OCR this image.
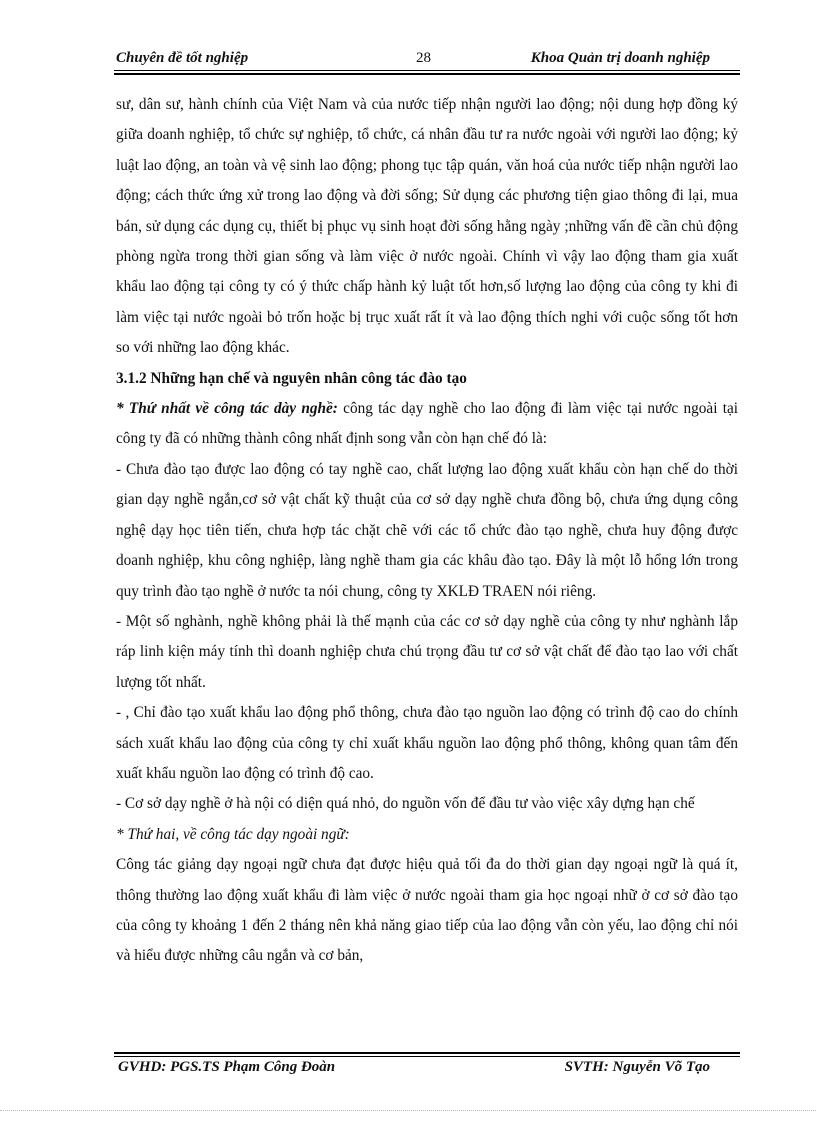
Chuyên đề tốt nghiệp	28	Khoa Quản trị doanh nghiệp

sư, dân sư, hành chính của Việt Nam và của nước tiếp nhận người lao động; nội dung hợp đồng ký giữa doanh nghiệp, tổ chức sự nghiệp, tổ chức, cá nhân đầu tư ra nước ngoài với người lao động; kỷ luật lao động, an toàn và vệ sinh lao động; phong tục tập quán, văn hoá của nước tiếp nhận người lao động; cách thức ứng xử trong lao động và đời sống; Sử dụng các phương tiện giao thông đi lại, mua bán, sử dụng các dụng cụ, thiết bị phục vụ sinh hoạt đời sống hằng ngày ;những vấn đề cần chủ động phòng ngừa trong thời gian sống và làm việc ở nước ngoài. Chính vì vậy lao động tham gia xuất khẩu lao động tại công ty có ý thức chấp hành kỷ luật tốt hơn,số lượng lao động của công ty khi đi làm việc tại nước ngoài bỏ trốn hoặc bị trục xuất rất ít và lao động thích nghi với cuộc sống tốt hơn so với những lao động khác.

3.1.2 Những hạn chế và nguyên nhân công tác đào tạo

* Thứ nhất về công tác dày nghề: công tác dạy nghề cho lao động đi làm việc tại nước ngoài tại công ty đã có những thành công nhất định song vẫn còn hạn chế đó là:

- Chưa đào tạo được lao động có tay nghề cao, chất lượng lao động xuất khẩu còn hạn chế do thời gian dạy nghề ngắn,cơ sở vật chất kỹ thuật của cơ sở dạy nghề chưa đồng bộ, chưa ứng dụng công nghệ dạy học tiên tiến, chưa hợp tác chặt chẽ với các tổ chức đào tạo nghề, chưa huy động được doanh nghiệp, khu công nghiệp, làng nghề tham gia các khâu đào tạo. Đây là một lỗ hổng lớn trong quy trình đào tạo nghề ở nước ta nói chung, công ty XKLĐ TRAEN nói riêng.

- Một số nghành, nghề không phải là thế mạnh của các cơ sở dạy nghề của công ty như nghành lắp ráp linh kiện máy tính thì doanh nghiệp chưa chú trọng đầu tư cơ sở vật chất để đào tạo lao với chất lượng tốt nhất.

- , Chỉ đào tạo xuất khẩu lao động phổ thông, chưa đào tạo nguồn lao động có trình độ cao do chính sách xuất khẩu lao động của công ty chỉ xuất khẩu nguồn lao động phổ thông, không quan tâm đến xuất khẩu nguồn lao động có trình độ cao.

- Cơ sở dạy nghề ở hà nội có diện quá nhỏ, do nguồn vốn để đầu tư vào việc xây dựng hạn chế

* Thứ hai, về công tác dạy ngoài ngữ:

Công tác giảng dạy ngoại ngữ chưa đạt được hiệu quả tối đa do thời gian dạy ngoại ngữ là quá ít, thông thường lao động xuất khẩu đi làm việc ở nước ngoài tham gia học ngoại nhữ ở cơ sở đào tạo của công ty khoảng 1 đến 2 tháng nên khả năng giao tiếp của lao động vẫn còn yếu, lao động chỉ nói và hiểu được những câu ngắn và cơ bản,

GVHD: PGS.TS Phạm Công Đoàn	SVTH: Nguyễn Võ Tạo
